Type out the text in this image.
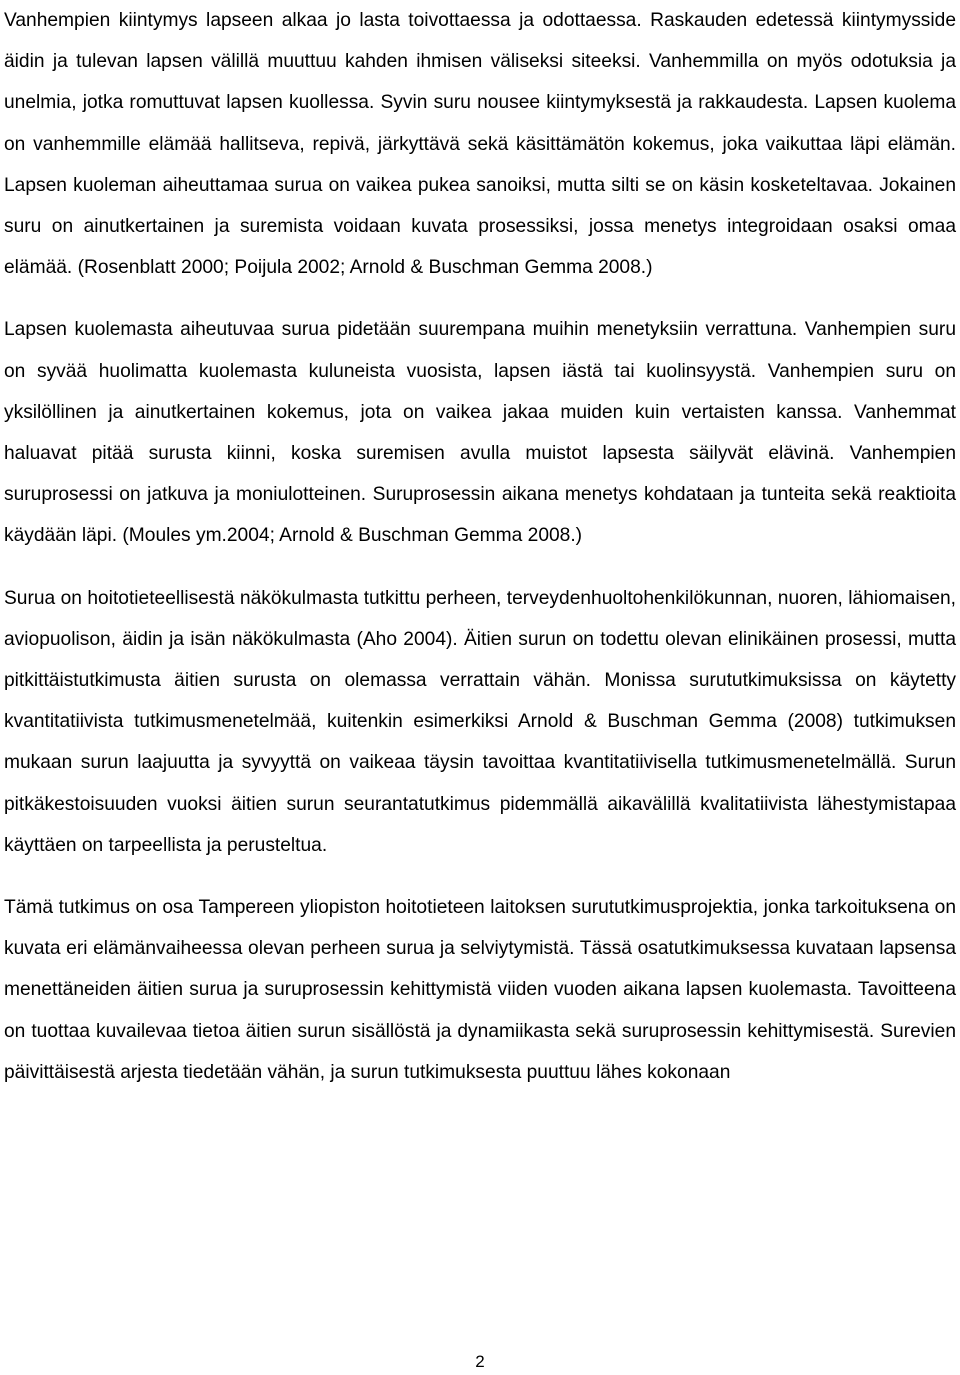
Vanhempien kiintymys lapseen alkaa jo lasta toivottaessa ja odottaessa. Raskauden edetessä kiintymysside äidin ja tulevan lapsen välillä muuttuu kahden ihmisen väliseksi siteeksi. Vanhemmilla on myös odotuksia ja unelmia, jotka romuttuvat lapsen kuollessa. Syvin suru nousee kiintymyksestä ja rakkaudesta. Lapsen kuolema on vanhemmille elämää hallitseva, repivä, järkyttävä sekä käsittämätön kokemus, joka vaikuttaa läpi elämän. Lapsen kuoleman aiheuttamaa surua on vaikea pukea sanoiksi, mutta silti se on käsin kosketeltavaa. Jokainen suru on ainutkertainen ja suremista voidaan kuvata prosessiksi, jossa menetys integroidaan osaksi omaa elämää. (Rosenblatt 2000; Poijula 2002; Arnold & Buschman Gemma 2008.)

Lapsen kuolemasta aiheutuvaa surua pidetään suurempana muihin menetyksiin verrattuna. Vanhempien suru on syvää huolimatta kuolemasta kuluneista vuosista, lapsen iästä tai kuolinsyystä. Vanhempien suru on yksilöllinen ja ainutkertainen kokemus, jota on vaikea jakaa muiden kuin vertaisten kanssa. Vanhemmat haluavat pitää surusta kiinni, koska suremisen avulla muistot lapsesta säilyvät elävinä. Vanhempien suruprosessi on jatkuva ja moniulotteinen. Suruprosessin aikana menetys kohdataan ja tunteita sekä reaktioita käydään läpi. (Moules ym.2004; Arnold & Buschman Gemma 2008.)

Surua on hoitotieteellisestä näkökulmasta tutkittu perheen, terveydenhuoltohenkilökunnan, nuoren, lähiomaisen, aviopuolison, äidin ja isän näkökulmasta (Aho 2004). Äitien surun on todettu olevan elinikäinen prosessi, mutta pitkittäistutkimusta äitien surusta on olemassa verrattain vähän. Monissa surututkimuksissa on käytetty kvantitatiivista tutkimusmenetelmää, kuitenkin esimerkiksi Arnold & Buschman Gemma (2008) tutkimuksen mukaan surun laajuutta ja syvyyttä on vaikeaa täysin tavoittaa kvantitatiivisella tutkimusmenetelmällä. Surun pitkäkestoisuuden vuoksi äitien surun seurantatutkimus pidemmällä aikavälillä kvalitatiivista lähestymistapaa käyttäen on tarpeellista ja perusteltua.

Tämä tutkimus on osa Tampereen yliopiston hoitotieteen laitoksen surututkimusprojektia, jonka tarkoituksena on kuvata eri elämänvaiheessa olevan perheen surua ja selviytymistä. Tässä osatutkimuksessa kuvataan lapsensa menettäneiden äitien surua ja suruprosessin kehittymistä viiden vuoden aikana lapsen kuolemasta. Tavoitteena on tuottaa kuvailevaa tietoa äitien surun sisällöstä ja dynamiikasta sekä suruprosessin kehittymisestä. Surevien päivittäisestä arjesta tiedetään vähän, ja surun tutkimuksesta puuttuu lähes kokonaan

2
